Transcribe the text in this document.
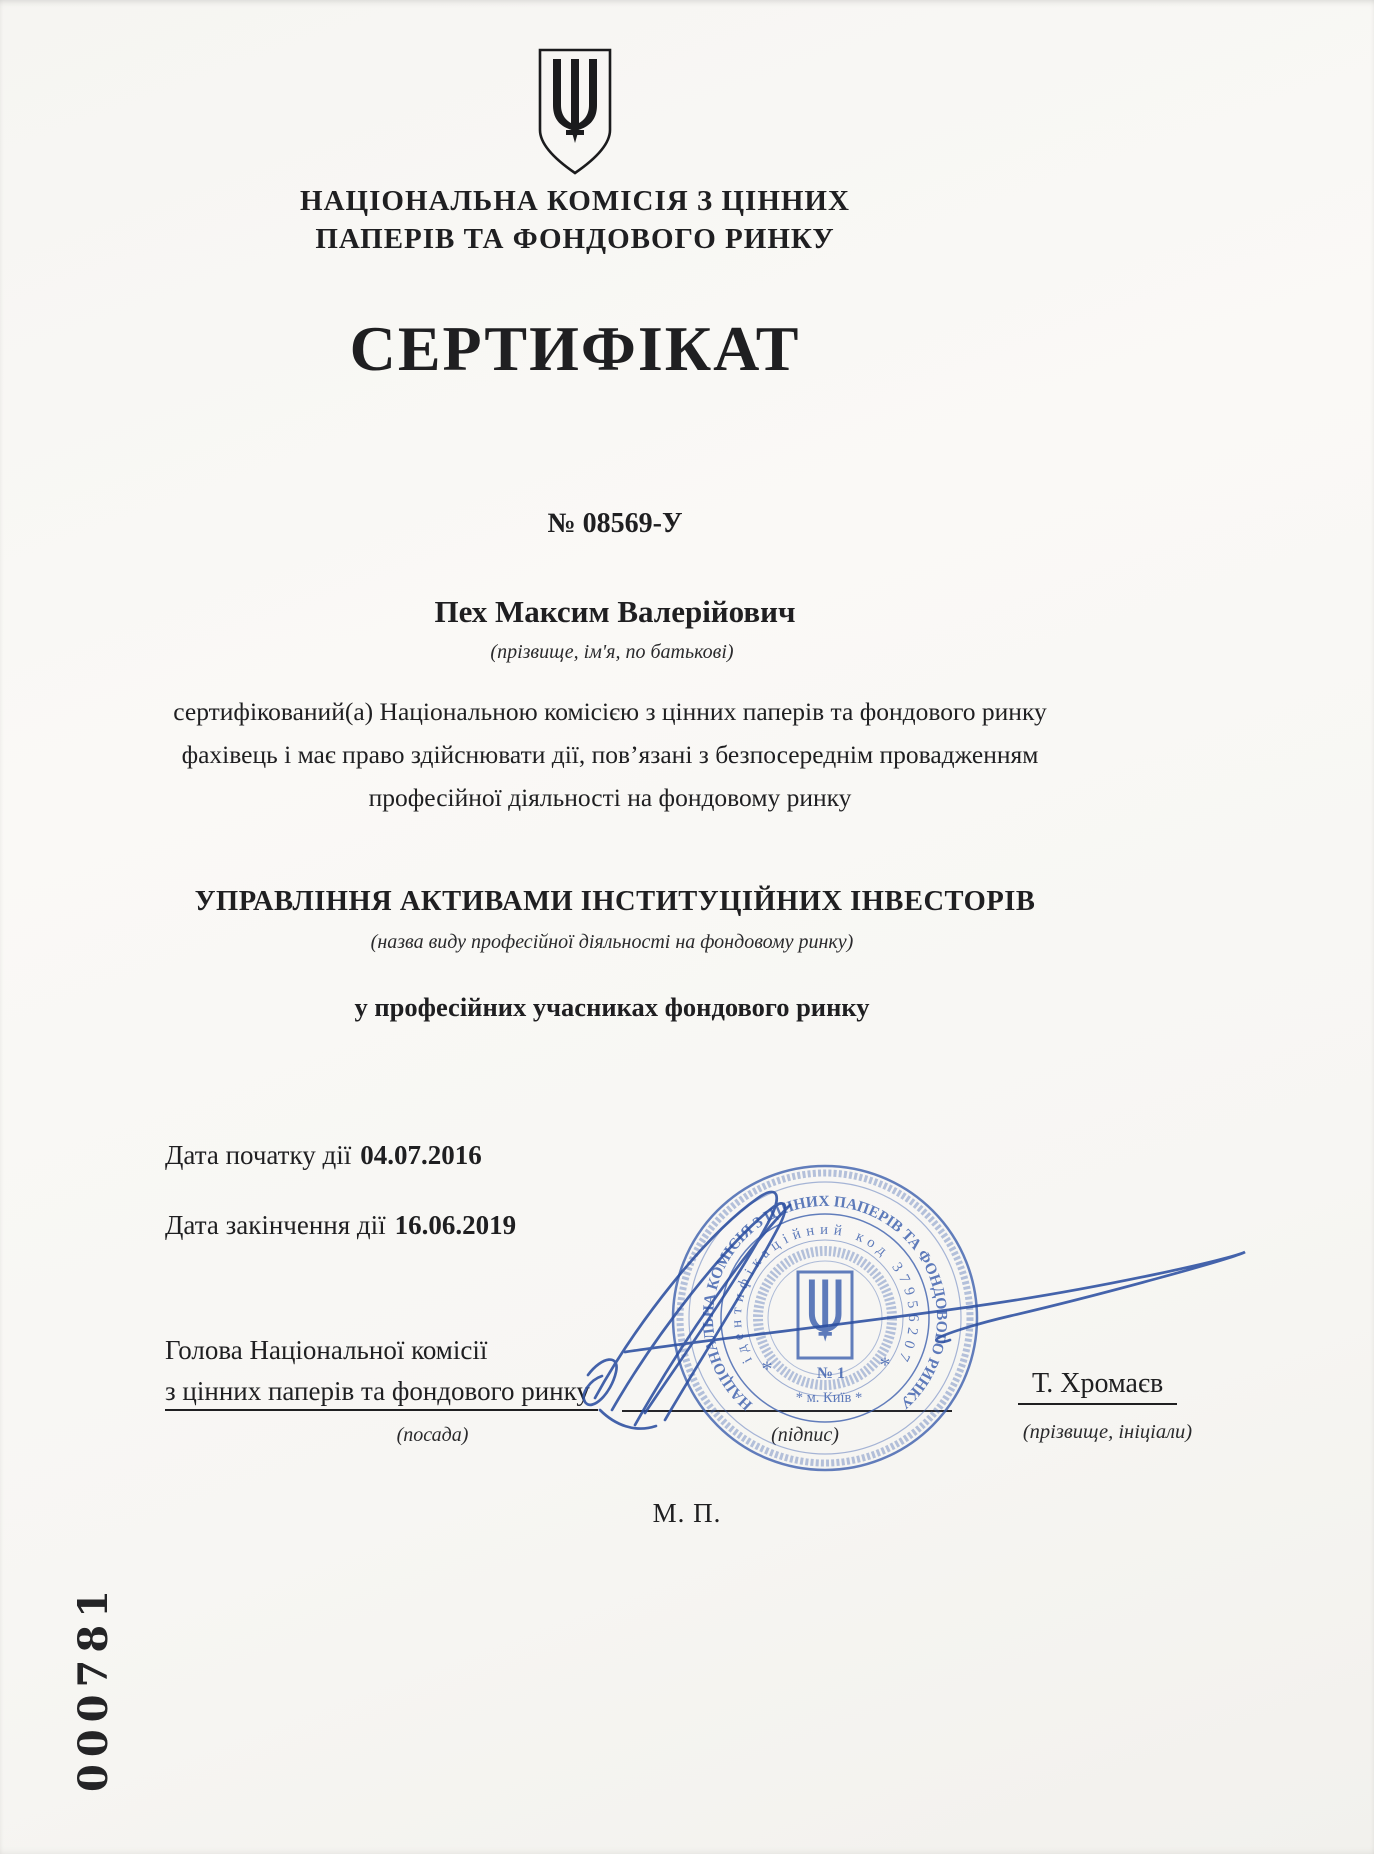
НАЦІОНАЛЬНА КОМІСІЯ З ЦІННИХ
ПАПЕРІВ ТА ФОНДОВОГО РИНКУ
СЕРТИФІКАТ
№ 08569-У
Пех Максим Валерійович
(прізвище, ім'я, по батькові)
сертифікований(а) Національною комісією з цінних паперів та фондового ринку фахівець і має право здійснювати дії, пов’язані з безпосереднім провадженням професійної діяльності на фондовому ринку
УПРАВЛІННЯ АКТИВАМИ ІНСТИТУЦІЙНИХ ІНВЕСТОРІВ
(назва виду професійної діяльності на фондовому ринку)
у професійних учасниках фондового ринку
Дата початку дії 04.07.2016
Дата закінчення дії 16.06.2019
Голова Національної комісії
з цінних паперів та фондового ринку
(посада)	(підпис)
Т. Хромаєв
(прізвище, ініціали)
М. П.
000781
НАЦІОНАЛЬНА КОМІСІЯ З ЦІННИХ ПАПЕРІВ ТА ФОНДОВОГО РИНКУ
ідентифікаційний код 37956207
№ 1
*	*
* м. Київ *
